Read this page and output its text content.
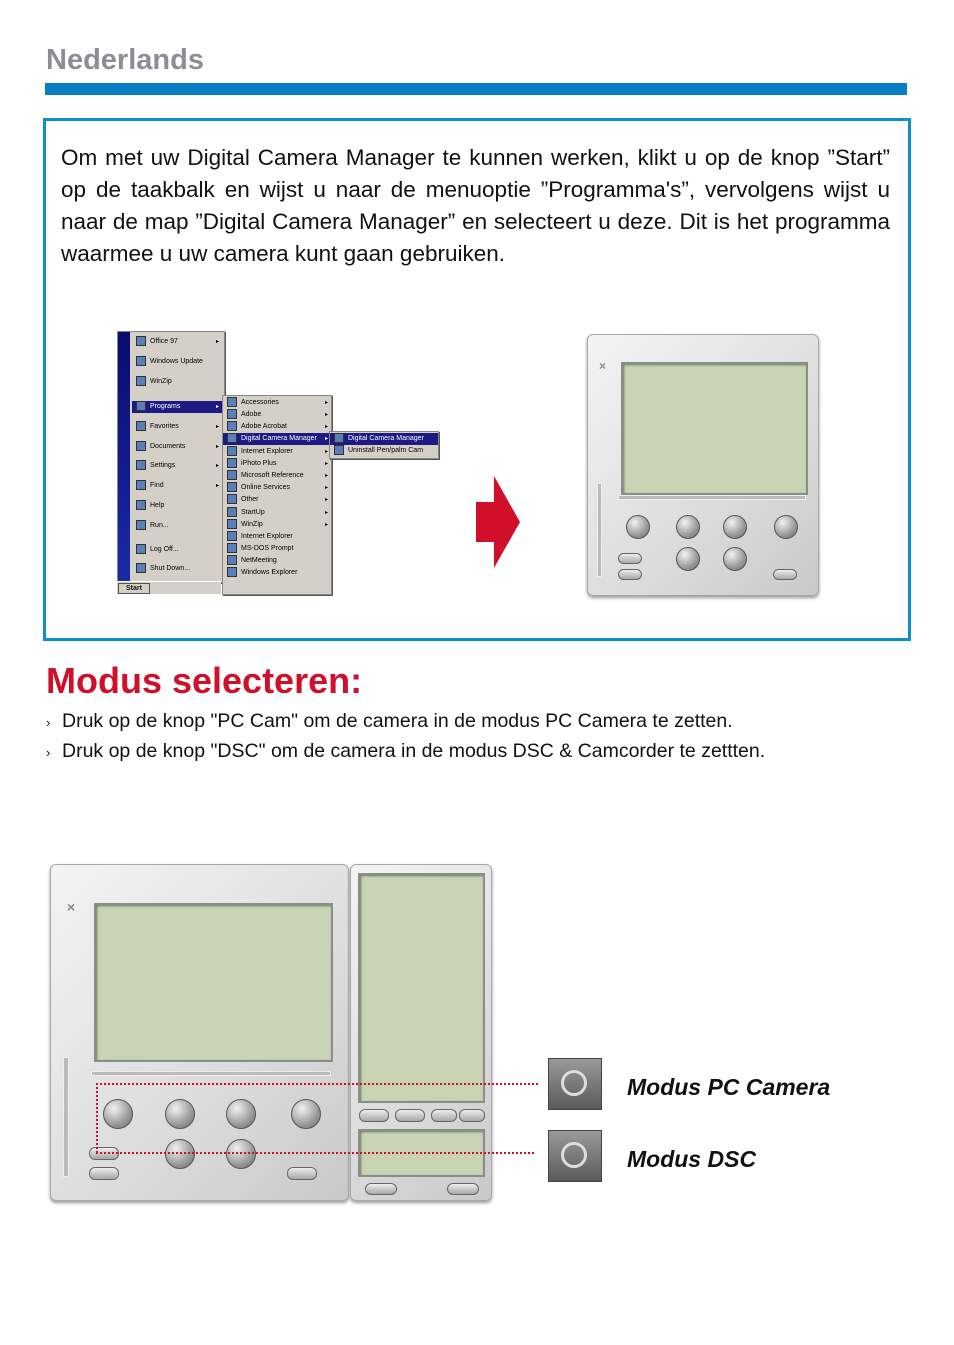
Nederlands
Om met uw Digital Camera Manager te kunnen werken, klikt u op de knop ”Start” op de taakbalk en wijst u naar de menuoptie ”Programma's”, vervolgens wijst u naar de map ”Digital Camera Manager” en selecteert u deze. Dit is het programma waarmee u uw camera kunt gaan gebruiken.
Windows98
Office 97	▸
Windows Update
WinZip
Programs	▸
Favorites	▸
Documents	▸
Settings	▸
Find	▸
Help
Run...
Log Off...
Shut Down...
Start
Accessories	▸
Adobe	▸
Adobe Acrobat	▸
Digital Camera Manager ▸
Internet Explorer	▸
iPhoto Plus	▸
Microsoft Reference	▸
Online Services	▸
Other	▸
StartUp	▸
WinZip	▸
Internet Explorer
MS-DOS Prompt
NetMeeting
Windows Explorer
Digital Camera Manager
Uninstall Pen/palm Cam
×
Modus selecteren:
› Druk op de knop "PC Cam" om de camera in de modus PC Camera te zetten.
› Druk op de knop "DSC" om de camera in de modus DSC & Camcorder te zettten.
×
Modus PC Camera
Modus DSC
